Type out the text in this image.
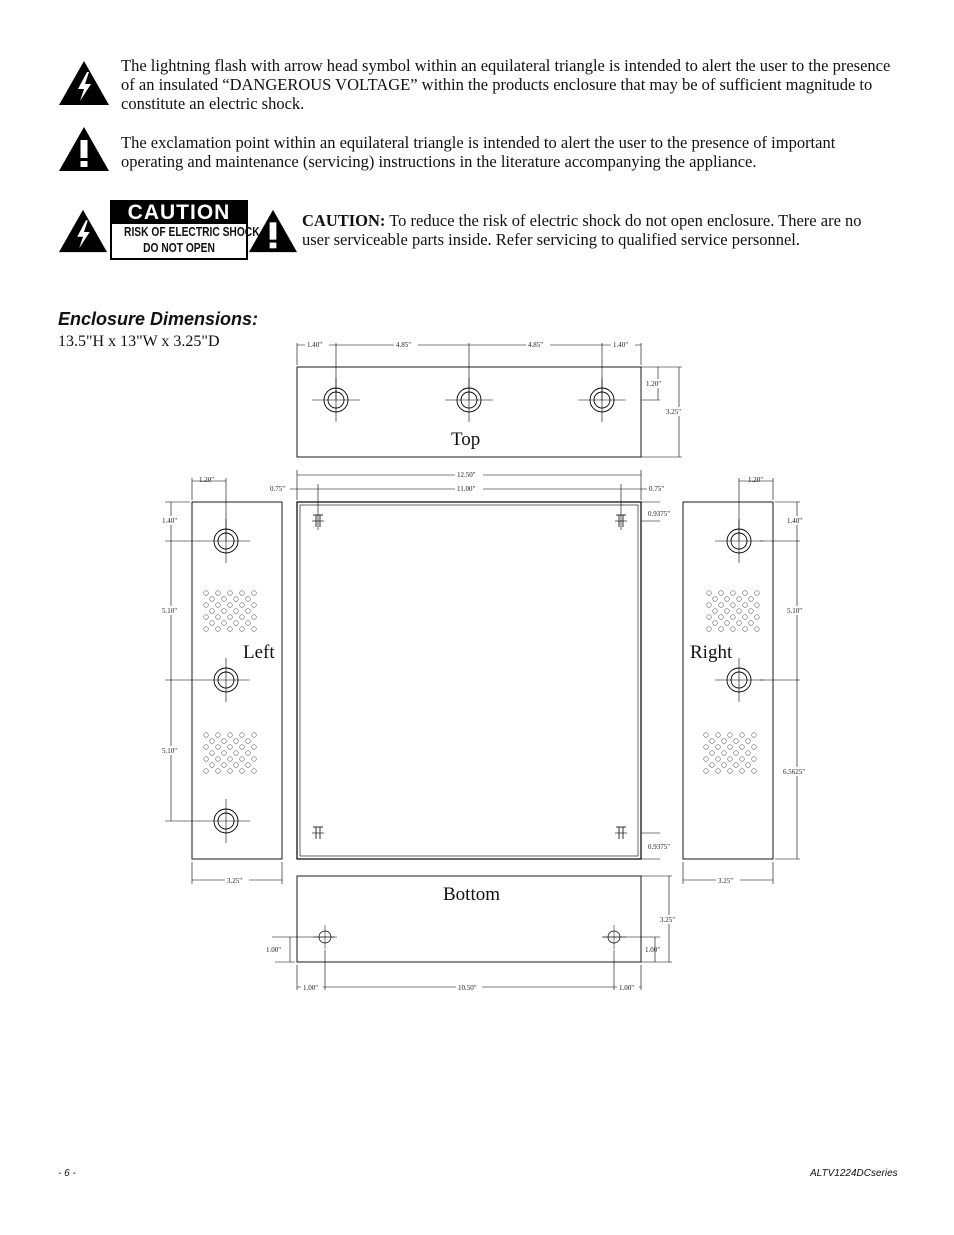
The lightning flash with arrow head symbol within an equilateral triangle is intended to alert the user to the presence of an insulated “DANGEROUS VOLTAGE” within the products enclosure that may be of sufficient magnitude to constitute an electric shock.
The exclamation point within an equilateral triangle is intended to alert the user to the presence of important operating and maintenance (servicing) instructions in the literature accompanying the appliance.
CAUTION
RISK OF ELECTRIC SHOCK
DO NOT OPEN
CAUTION: To reduce the risk of electric shock do not open enclosure. There are no user serviceable parts inside. Refer servicing to qualified service personnel.
Enclosure Dimensions:
13.5"H x 13"W x 3.25"D
Top
Left	Right
Bottom
1.40"	4.85"	4.85"	1.40"
1.20"
3.25"
12.50"
11.00"
0.75"	0.75"
0.9375"
0.9375"
1.20"
1.40"
5.10"
5.10"
3.25"
1.20"
1.40"
5.10"
6.5625"
3.25"
3.25"
1.00"	1.00"
1.00"	10.50"	1.00"
- 6 -	ALTV1224DCseries
